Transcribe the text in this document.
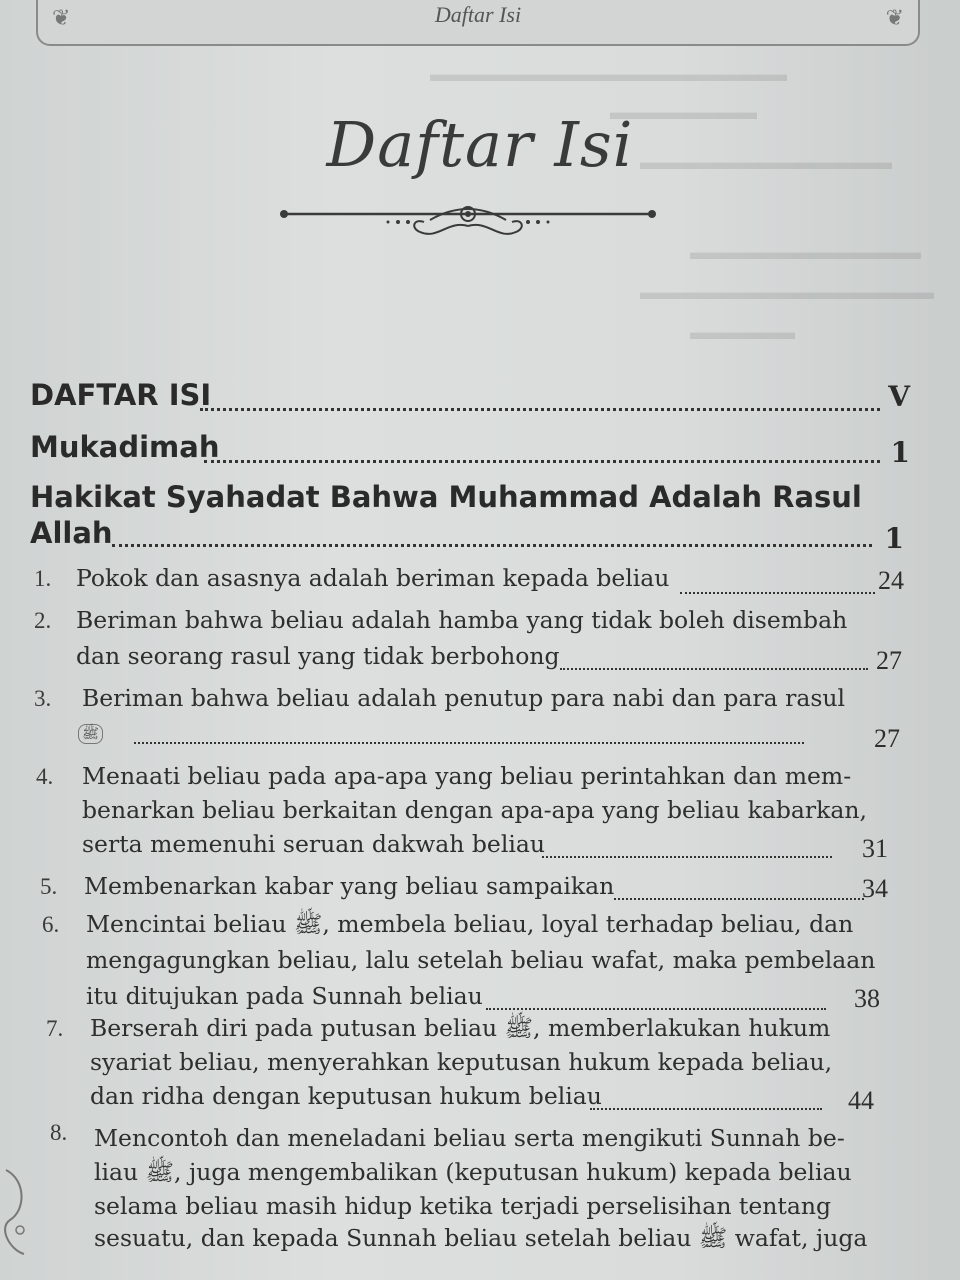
❦	Daftar Isi	❦
▬▬▬▬▬▬▬▬▬▬▬▬▬▬▬▬▬
▬▬▬▬▬▬▬
▬▬▬▬▬▬▬▬▬▬▬▬
▬▬▬▬▬▬▬▬▬▬▬
▬▬▬▬▬▬▬▬▬▬▬▬▬▬
▬▬▬▬▬
Daftar Isi
DAFTAR ISI	V
Mukadimah	1
Hakikat Syahadat Bahwa Muhammad Adalah Rasul
Allah	1
1. Pokok dan asasnya adalah beriman kepada beliau	24
2. Beriman bahwa beliau adalah hamba yang tidak boleh disembah
dan seorang rasul yang tidak berbohong	27
3. Beriman bahwa beliau adalah penutup para nabi dan para rasul
ﷺ	27
4. Menaati beliau pada apa-apa yang beliau perintahkan dan mem-
benarkan beliau berkaitan dengan apa-apa yang beliau kabarkan,
serta memenuhi seruan dakwah beliau	31
5. Membenarkan kabar yang beliau sampaikan	34
6. Mencintai beliau ﷺ, membela beliau, loyal terhadap beliau, dan
mengagungkan beliau, lalu setelah beliau wafat, maka pembelaan
itu ditujukan pada Sunnah beliau	38
7. Berserah diri pada putusan beliau ﷺ, memberlakukan hukum
syariat beliau, menyerahkan keputusan hukum kepada beliau,
dan ridha dengan keputusan hukum beliau	44
8. Mencontoh dan meneladani beliau serta mengikuti Sunnah be-
liau ﷺ, juga mengembalikan (keputusan hukum) kepada beliau
selama beliau masih hidup ketika terjadi perselisihan tentang
sesuatu, dan kepada Sunnah beliau setelah beliau ﷺ wafat, juga
